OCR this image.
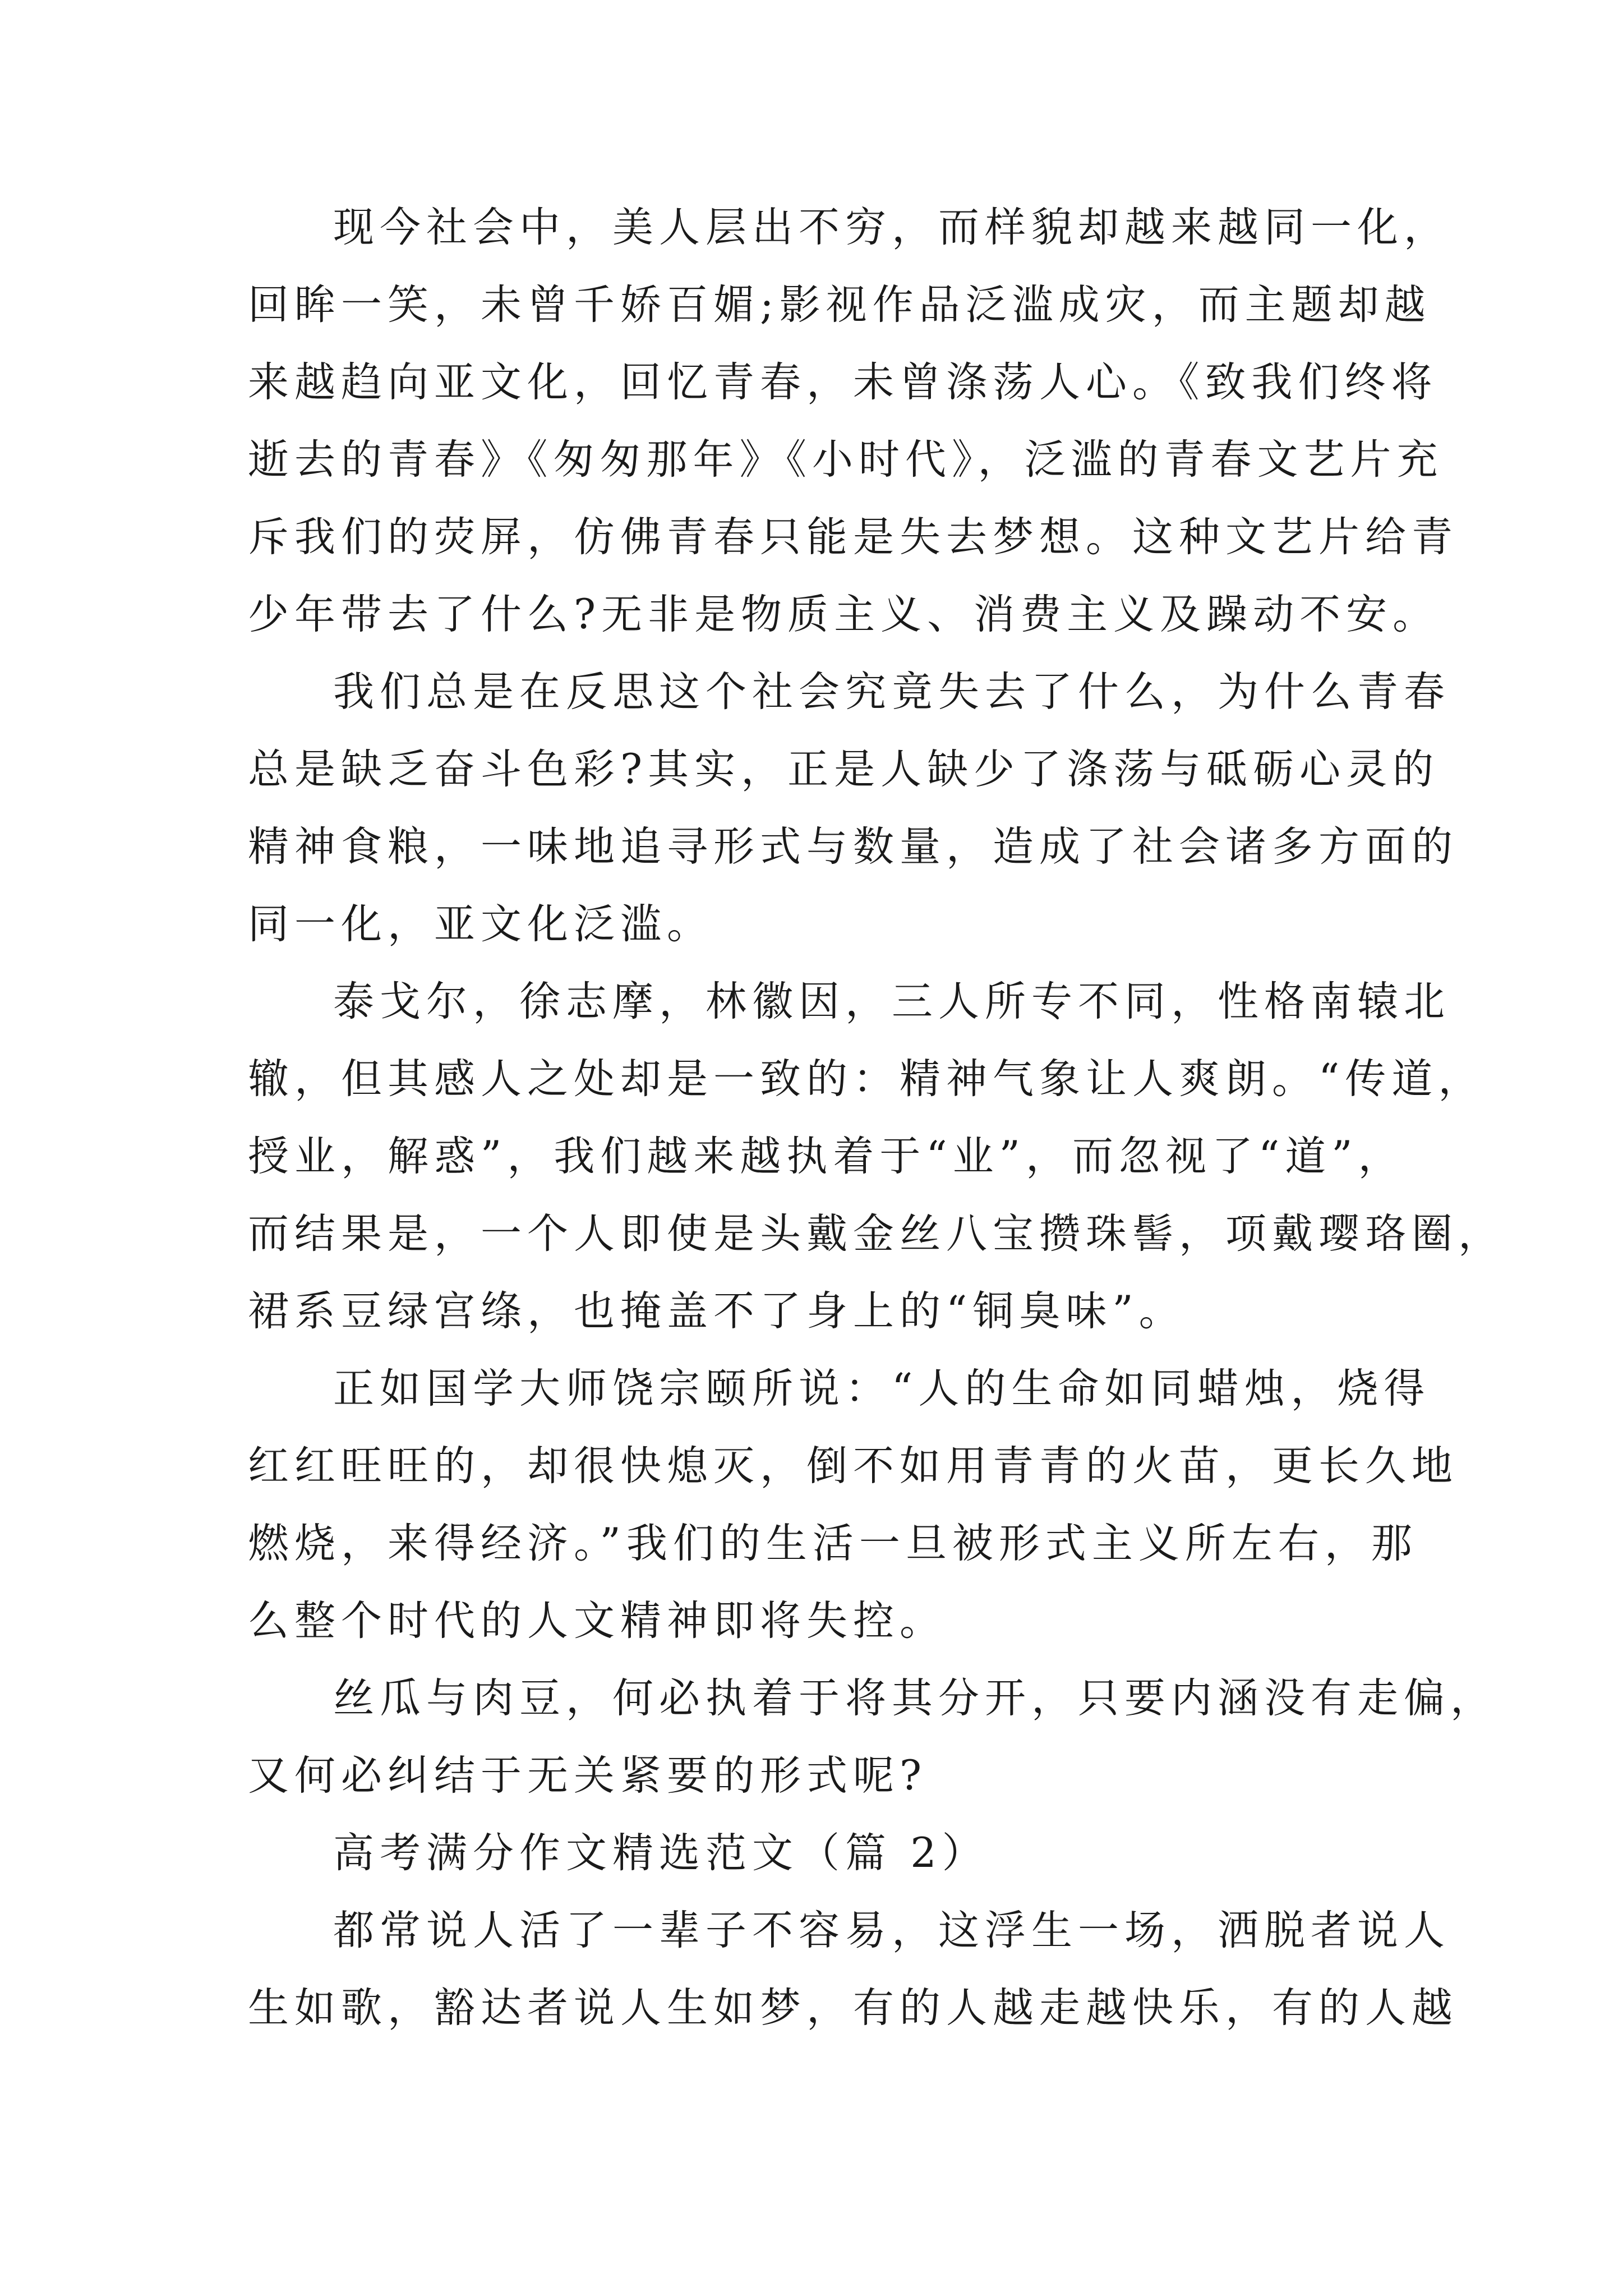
现今社会中，美人层出不穷，而样貌却越来越同一化，
回眸一笑，未曾千娇百媚;影视作品泛滥成灾，而主题却越
来越趋向亚文化，回忆青春，未曾涤荡人心。《致我们终将
逝去的青春》《匆匆那年》《小时代》，泛滥的青春文艺片充
斥我们的荧屏，仿佛青春只能是失去梦想。这种文艺片给青
少年带去了什么?无非是物质主义、消费主义及躁动不安。
我们总是在反思这个社会究竟失去了什么，为什么青春
总是缺乏奋斗色彩?其实，正是人缺少了涤荡与砥砺心灵的
精神食粮，一味地追寻形式与数量，造成了社会诸多方面的
同一化，亚文化泛滥。
泰戈尔，徐志摩，林徽因，三人所专不同，性格南辕北
辙，但其感人之处却是一致的：精神气象让人爽朗。“传道，
授业，解惑”，我们越来越执着于“业”，而忽视了“道”，
而结果是，一个人即使是头戴金丝八宝攒珠髻，项戴璎珞圈，
裙系豆绿宫绦，也掩盖不了身上的“铜臭味”。
正如国学大师饶宗颐所说：“人的生命如同蜡烛，烧得
红红旺旺的，却很快熄灭，倒不如用青青的火苗，更长久地
燃烧，来得经济。”我们的生活一旦被形式主义所左右，那
么整个时代的人文精神即将失控。
丝瓜与肉豆，何必执着于将其分开，只要内涵没有走偏，
又何必纠结于无关紧要的形式呢?
高考满分作文精选范文（篇 2）
都常说人活了一辈子不容易，这浮生一场，洒脱者说人
生如歌，豁达者说人生如梦，有的人越走越快乐，有的人越
